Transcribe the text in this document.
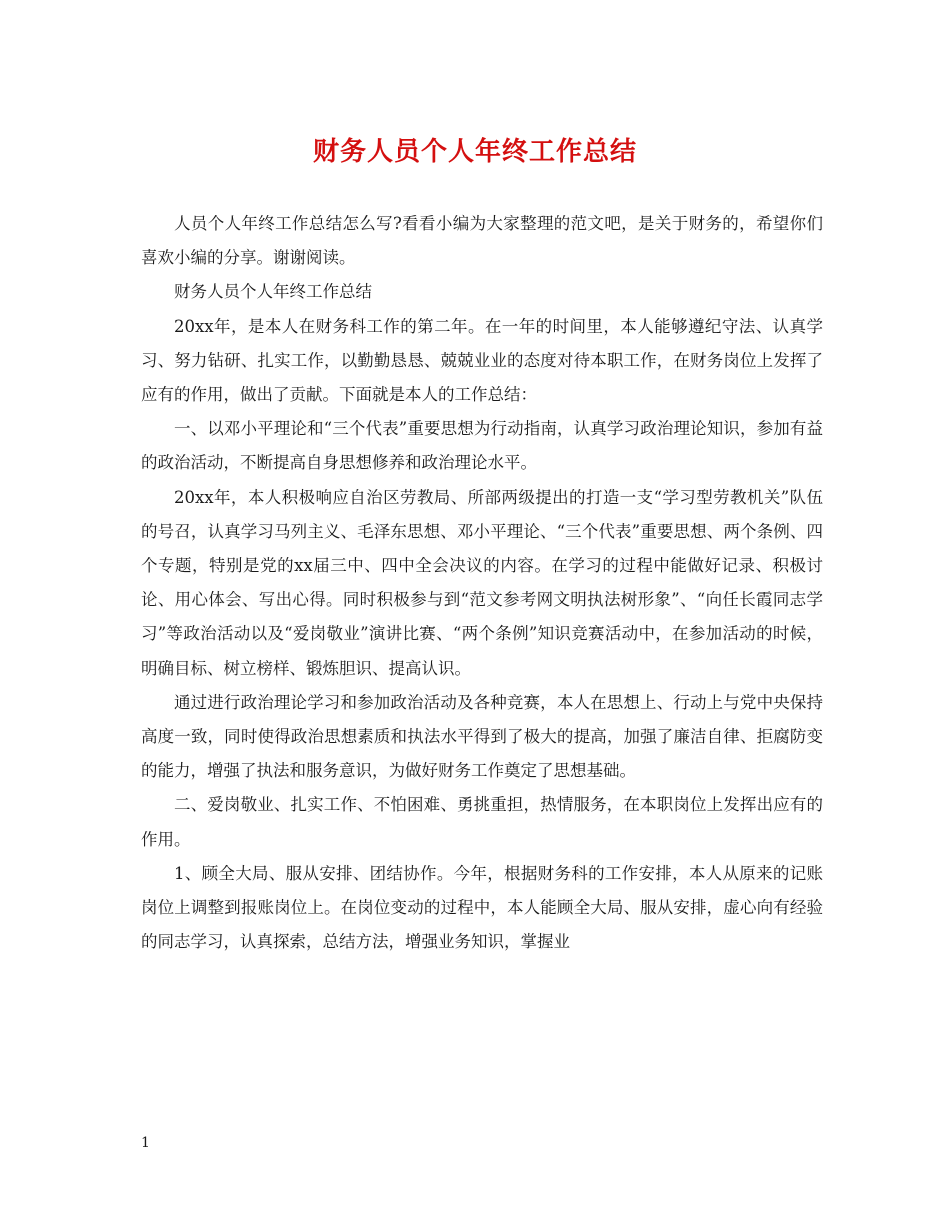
财务人员个人年终工作总结

人员个人年终工作总结怎么写?看看小编为大家整理的范文吧，是关于财务的，希望你们喜欢小编的分享。谢谢阅读。

财务人员个人年终工作总结

20xx年，是本人在财务科工作的第二年。在一年的时间里，本人能够遵纪守法、认真学习、努力钻研、扎实工作，以勤勤恳恳、兢兢业业的态度对待本职工作，在财务岗位上发挥了应有的作用，做出了贡献。下面就是本人的工作总结：

一、以邓小平理论和“三个代表”重要思想为行动指南，认真学习政治理论知识，参加有益的政治活动，不断提高自身思想修养和政治理论水平。

20xx年，本人积极响应自治区劳教局、所部两级提出的打造一支“学习型劳教机关”队伍的号召，认真学习马列主义、毛泽东思想、邓小平理论、“三个代表”重要思想、两个条例、四个专题，特别是党的xx届三中、四中全会决议的内容。在学习的过程中能做好记录、积极讨论、用心体会、写出心得。同时积极参与到“范文参考网文明执法树形象”、“向任长霞同志学习”等政治活动以及“爱岗敬业”演讲比赛、“两个条例”知识竞赛活动中，在参加活动的时候，明确目标、树立榜样、锻炼胆识、提高认识。

通过进行政治理论学习和参加政治活动及各种竞赛，本人在思想上、行动上与党中央保持高度一致，同时使得政治思想素质和执法水平得到了极大的提高，加强了廉洁自律、拒腐防变的能力，增强了执法和服务意识，为做好财务工作奠定了思想基础。

二、爱岗敬业、扎实工作、不怕困难、勇挑重担，热情服务，在本职岗位上发挥出应有的作用。

1、顾全大局、服从安排、团结协作。今年，根据财务科的工作安排，本人从原来的记账岗位上调整到报账岗位上。在岗位变动的过程中，本人能顾全大局、服从安排，虚心向有经验的同志学习，认真探索，总结方法，增强业务知识，掌握业

1
